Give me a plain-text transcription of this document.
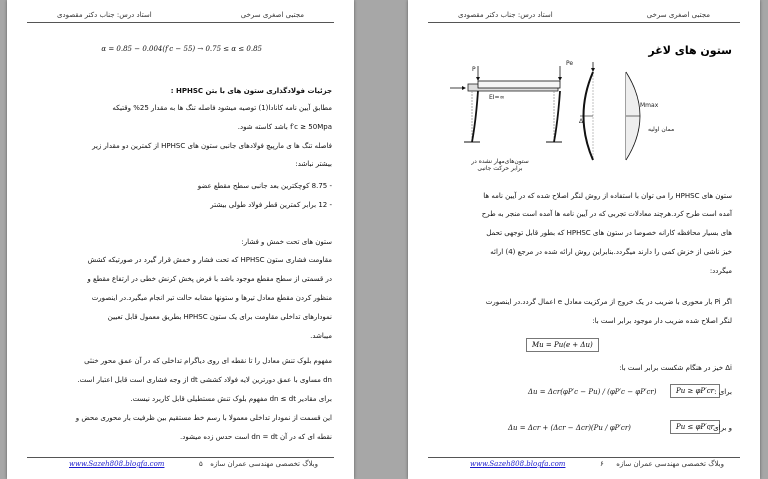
استاد درس: جناب دکتر مقصودی	مجتبی اصغری سرخی
α = 0.85 − 0.004(f′c − 55) → 0.75 ≤ α ≤ 0.85
جزئیات فولادگذاری ستون های با بتن HPHSC :
مطابق آیین نامه کانادا(1) توصیه میشود فاصله تنگ ها به مقدار 25% وقتیکه
f′c ≥ 50Mpa باشد کاسته شود.
فاصله تنگ ها ی مارپیچ فولادهای جانبی ستون های HPHSC از کمترین دو مقدار زیر
بیشتر نباشد:
- 8.75 کوچکترین بعد جانبی سطح مقطع عضو
- 12 برابر کمترین قطر فولاد طولی بیشتر
ستون های تحت خمش و فشار:
مقاومت فشاری ستون HPHSC که تحت فشار و خمش قرار گیرد در صورتیکه کشش
در قسمتی از سطح مقطع موجود باشد با فرض پخش کرنش خطی در ارتفاع مقطع و
منظور کردن مقطع معادل تیرها و ستونها مشابه حالت تیر انجام میگیرد.در اینصورت
نمودارهای تداخلی مقاومت برای یک ستون HPHSC بطریق معمول قابل تعیین
میباشد.
مفهوم بلوک تنش معادل را تا نقطه ای روی دیاگرام تداخلی که در آن عمق محور خنثی
dn مساوی با عمق دورترین لایه فولاد کششی dt از وجه فشاری است قابل اعتبار است.
برای مقادیر dn ≤ dt مفهوم بلوک تنش مستطیلی قابل کاربرد نیست.
این قسمت از نمودار تداخلی معمولا با رسم خط مستقیم بین ظرفیت بار محوری محض و
نقطه ای که در آن dn = dt است حدس زده میشود.
www.Sazeh808.blogfa.com	۵ وبلاگ تخصصی مهندسی عمران سازه
استاد درس: جناب دکتر مقصودی	مجتبی اصغری سرخی
ستون های لاغر
EI=∞
P
Pe
Δ
Mmax
ممان اولیه
ستون‌های‌مهار نشده در برابر حرکت جانبی
ستون های HPHSC را می توان با استفاده از روش لنگر اصلاح شده که در آیین نامه ها
آمده است طرح کرد.هرچند معادلات تجربی که در آیین نامه ها آمده است منجر به طرح
های بسیار محافظه کارانه خصوصا در ستون های HPHSC که بطور قابل توجهی تحمل
خیز ناشی از خزش کمی را دارند میگردد.بنابراین روش ارائه شده در مرجع (4) ارائه
میگردد:
اگر Pi بار محوری با ضریب در یک خروج از مرکزیت معادل e اعمال گردد.در اینصورت
لنگر اصلاح شده ضریب دار موجود برابر است با:
Mu = Pu(e + Δu)
Δi خیز در هنگام شکست برابر است با:
Δu = Δcr(φP′c − Pu) / (φP′c − φP′cr)	Pu ≥ φP′cr برای :
Δu = Δcr + (Δcr − Δcr)(Pu / φP′cr)	Pu ≤ φP′cr
و برای :
www.Sazeh808.blogfa.com	۶ وبلاگ تخصصی مهندسی عمران سازه
